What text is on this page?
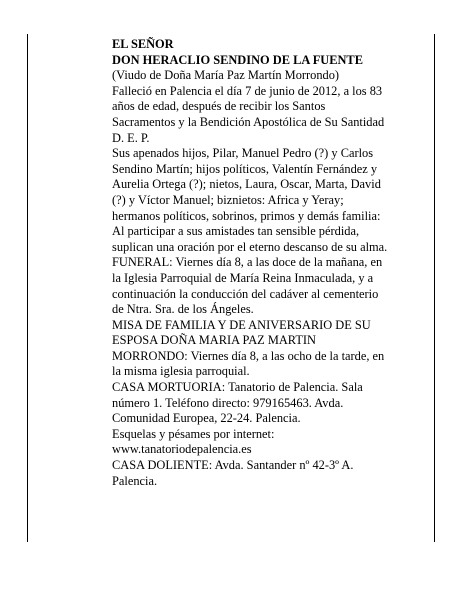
EL SEÑOR
DON HERACLIO SENDINO DE LA FUENTE
(Viudo de Doña María Paz Martín Morrondo)
Falleció en Palencia el día 7 de junio de 2012, a los 83
años de edad, después de recibir los Santos
Sacramentos y la Bendición Apostólica de Su Santidad
D. E. P.
Sus apenados hijos, Pilar, Manuel Pedro (?) y Carlos
Sendino Martín; hijos políticos, Valentín Fernández y
Aurelia Ortega (?); nietos, Laura, Oscar, Marta, David
(?) y Víctor Manuel; biznietos: Africa y Yeray;
hermanos políticos, sobrinos, primos y demás familia:
Al participar a sus amistades tan sensible pérdida,
suplican una oración por el eterno descanso de su alma.
FUNERAL: Viernes día 8, a las doce de la mañana, en
la Iglesia Parroquial de María Reina Inmaculada, y a
continuación la conducción del cadáver al cementerio
de Ntra. Sra. de los Ángeles.
MISA DE FAMILIA Y DE ANIVERSARIO DE SU
ESPOSA DOÑA MARIA PAZ MARTIN
MORRONDO: Viernes día 8, a las ocho de la tarde, en
la misma iglesia parroquial.
CASA MORTUORIA: Tanatorio de Palencia. Sala
número 1. Teléfono directo: 979165463. Avda.
Comunidad Europea, 22-24. Palencia.
Esquelas y pésames por internet:
www.tanatoriodepalencia.es
CASA DOLIENTE: Avda. Santander nº 42-3º A.
Palencia.
